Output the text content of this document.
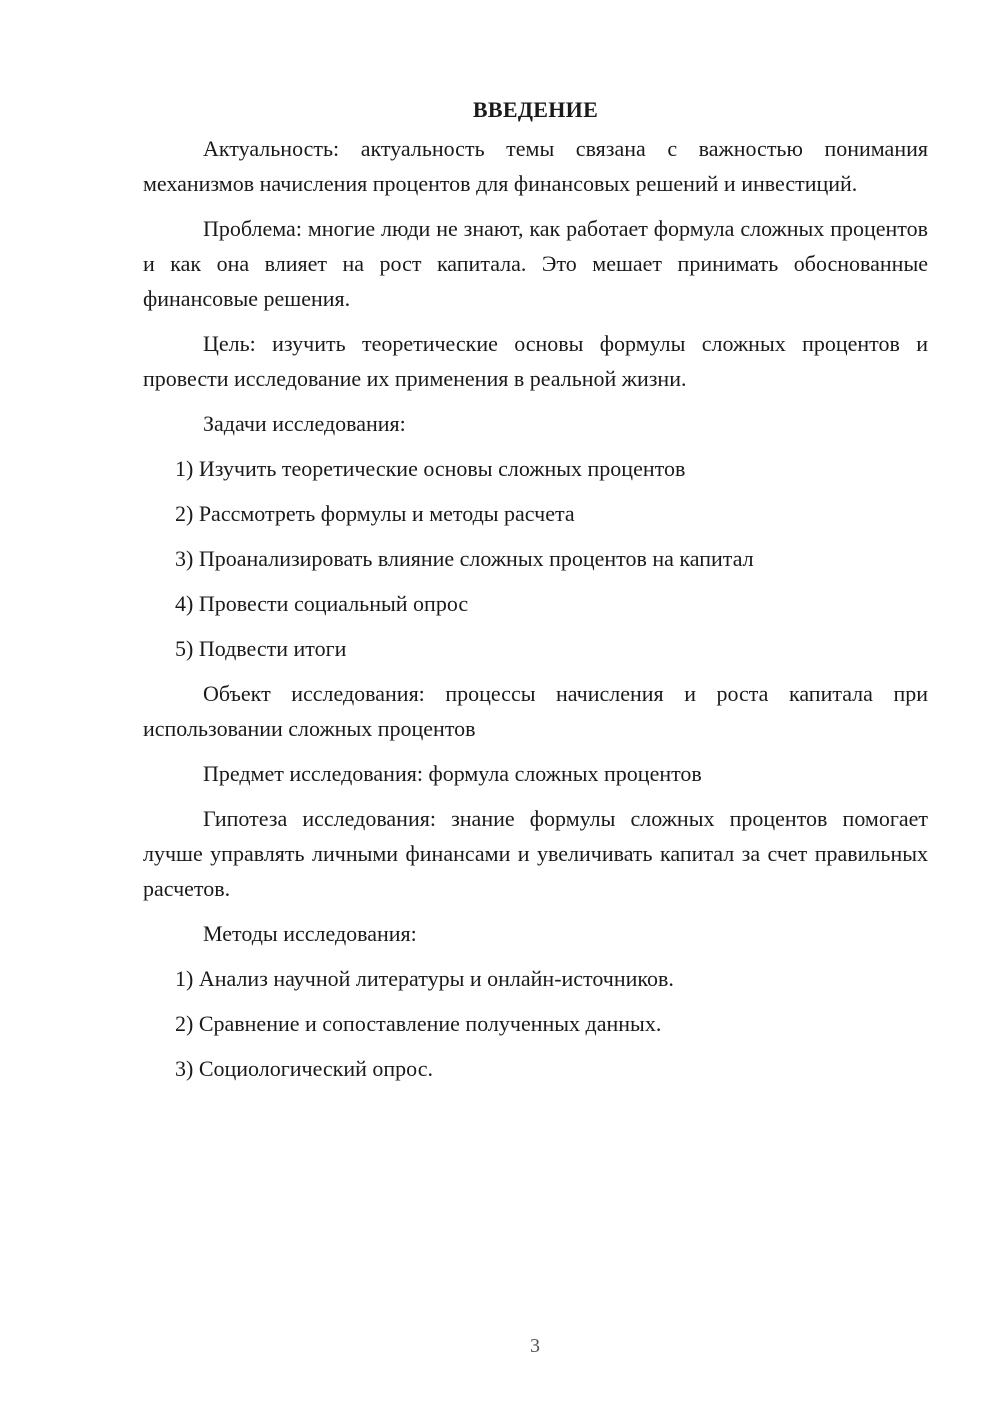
ВВЕДЕНИЕ

Актуальность: актуальность темы связана с важностью понимания механизмов начисления процентов для финансовых решений и инвестиций.

Проблема: многие люди не знают, как работает формула сложных процентов и как она влияет на рост капитала. Это мешает принимать обоснованные финансовые решения.

Цель: изучить теоретические основы формулы сложных процентов и провести исследование их применения в реальной жизни.

Задачи исследования:

1) Изучить теоретические основы сложных процентов
2) Рассмотреть формулы и методы расчета
3) Проанализировать влияние сложных процентов на капитал
4) Провести социальный опрос
5) Подвести итоги

Объект исследования: процессы начисления и роста капитала при использовании сложных процентов

Предмет исследования: формула сложных процентов

Гипотеза исследования: знание формулы сложных процентов помогает лучше управлять личными финансами и увеличивать капитал за счет правильных расчетов.

Методы исследования:

1) Анализ научной литературы и онлайн-источников.
2) Сравнение и сопоставление полученных данных.
3) Социологический опрос.
3
